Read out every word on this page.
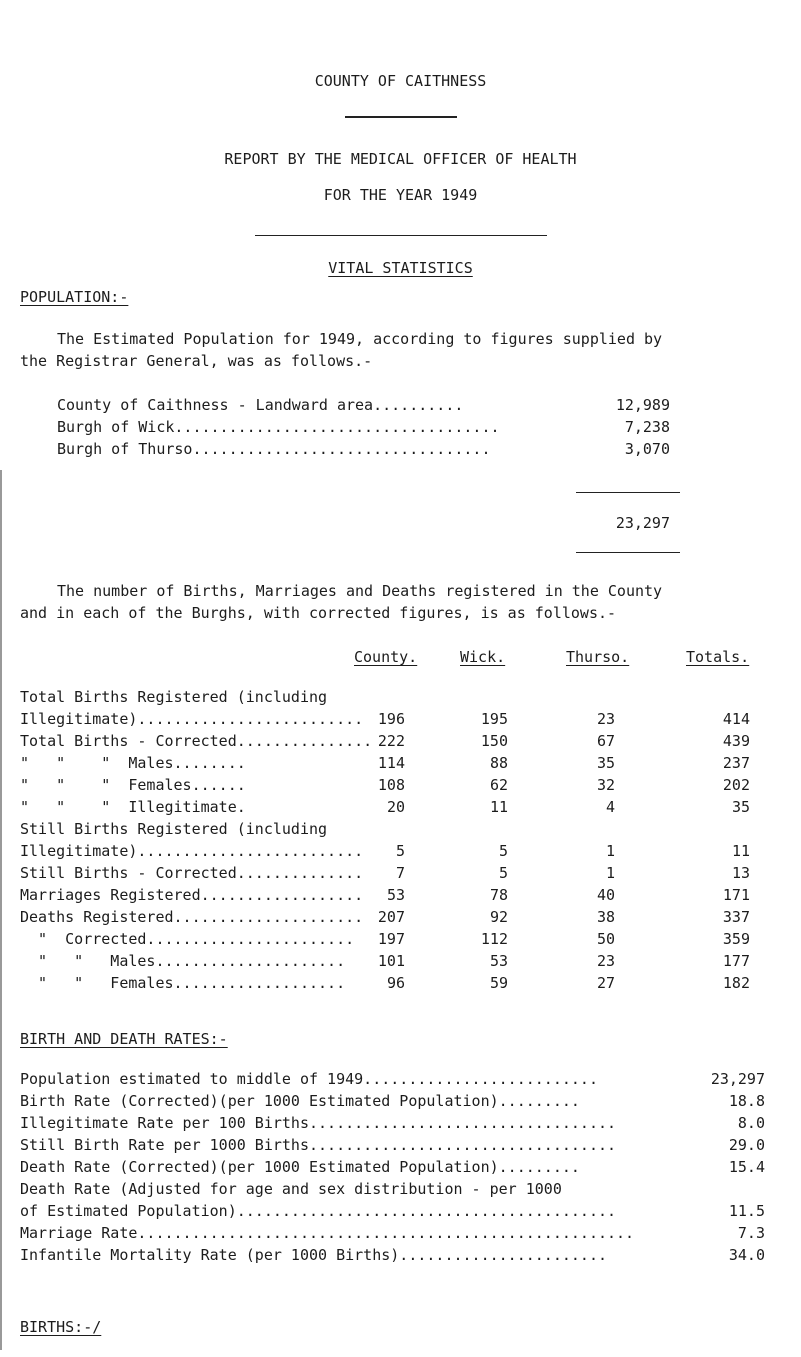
COUNTY OF CAITHNESS
REPORT BY THE MEDICAL OFFICER OF HEALTH
FOR THE YEAR 1949
VITAL STATISTICS
POPULATION:-
The Estimated Population for 1949, according to figures supplied by
the Registrar General, was as follows.-
County of Caithness - Landward area..........	12,989
Burgh of Wick....................................	7,238
Burgh of Thurso.................................	3,070
23,297
The number of Births, Marriages and Deaths registered in the County
and in each of the Burghs, with corrected figures, is as follows.-
County.	Wick.	Thurso.	Totals.
Total Births Registered (including
Illegitimate)......................... 196	195	23	414
Total Births - Corrected............... 222	150	67	439
"   "    "  Males........	114	88	35	237
"   "    "  Females......	108	62	32	202
"   "    "  Illegitimate.	20	11	4	35
Still Births Registered (including
Illegitimate).........................	5	5	1	11
Still Births - Corrected..............	7	5	1	13
Marriages Registered..................	53	78	40	171
Deaths Registered..................... 207	92	38	337
"  Corrected.......................	197	112	50	359
"   "   Males.....................	101	53	23	177
"   "   Females...................	96	59	27	182
BIRTH AND DEATH RATES:-
Population estimated to middle of 1949..........................	23,297
Birth Rate (Corrected)(per 1000 Estimated Population).........	18.8
Illegitimate Rate per 100 Births..................................	8.0
Still Birth Rate per 1000 Births..................................	29.0
Death Rate (Corrected)(per 1000 Estimated Population).........	15.4
Death Rate (Adjusted for age and sex distribution - per 1000
of Estimated Population)..........................................	11.5
Marriage Rate.......................................................	7.3
Infantile Mortality Rate (per 1000 Births).......................	34.0
BIRTHS:-/
